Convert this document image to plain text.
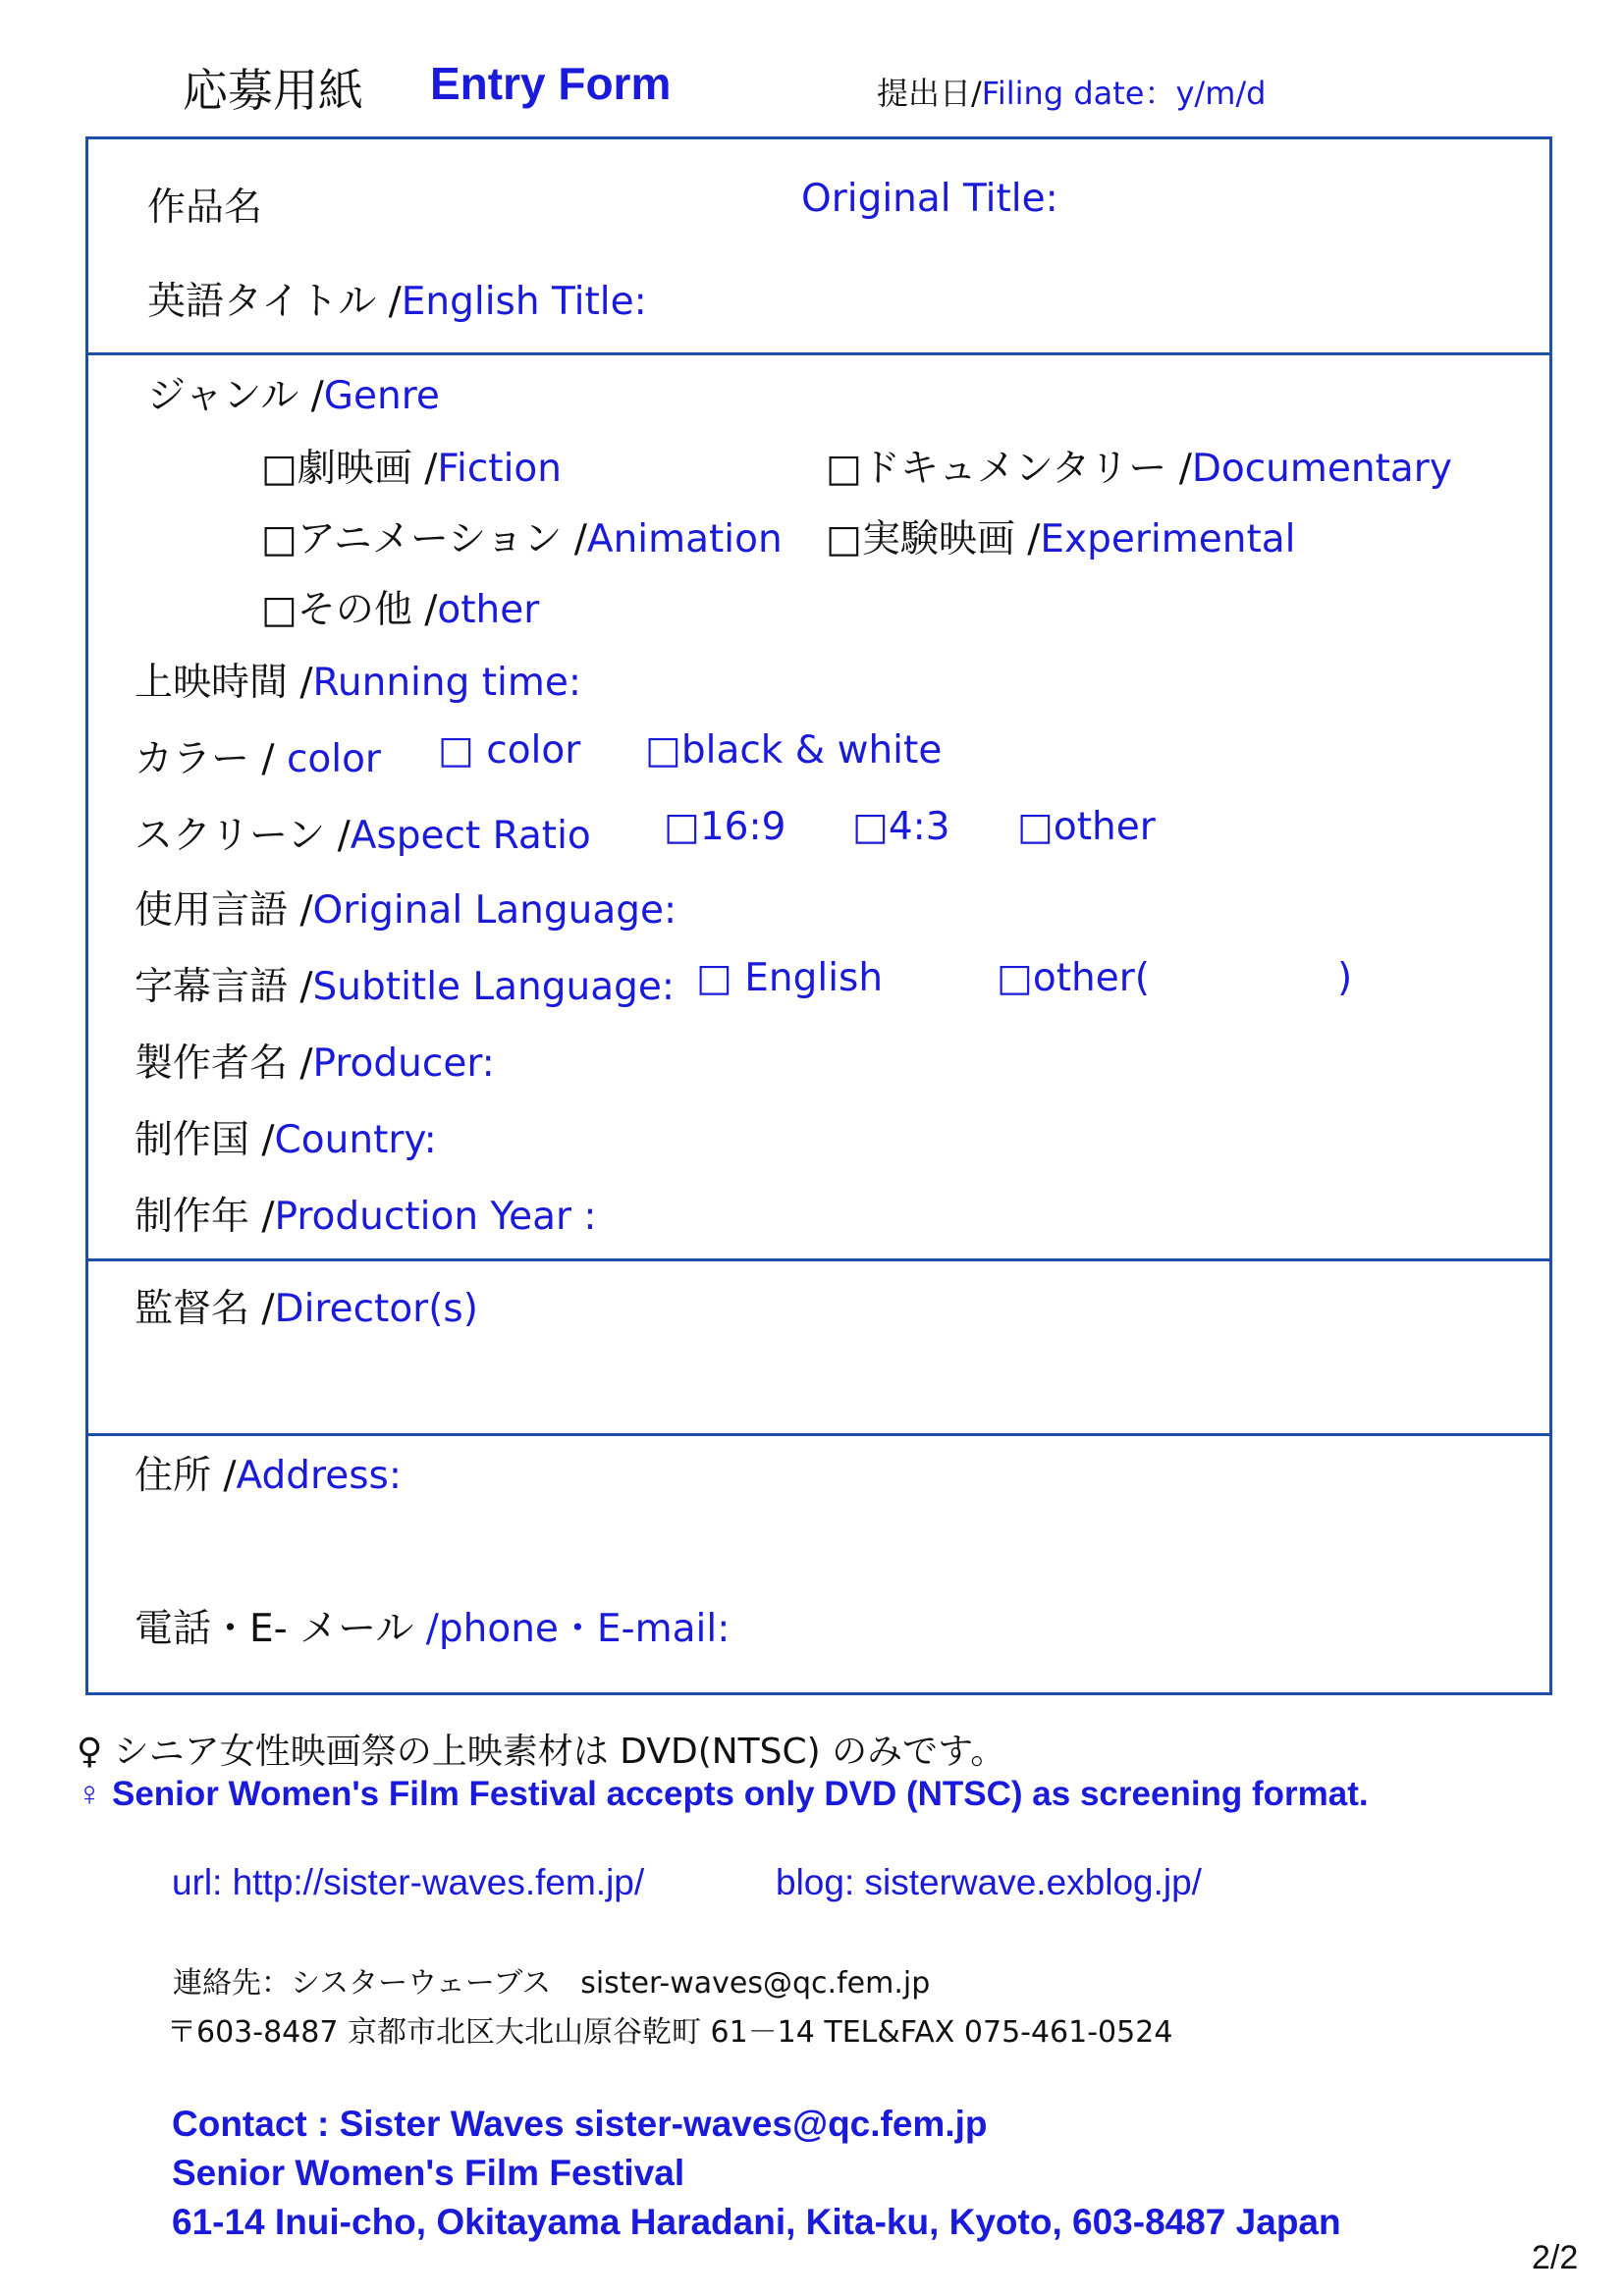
応募用紙 Entry Form	提出日/Filing date：y/m/d
作品名	Original Title:
英語タイトル /English Title:
ジャンル /Genre
□劇映画 /Fiction	□ドキュメンタリー /Documentary
□アニメーション /Animation □実験映画 /Experimental
□その他 /other
上映時間 /Running time:
カラー / color □ color □black & white
スクリーン /Aspect Ratio □16:9 □4:3 □other
使用言語 /Original Language:
字幕言語 /Subtitle Language: □ English	□other(	)
製作者名 /Producer:
制作国 /Country:
制作年 /Production Year :
監督名 /Director(s)
住所 /Address:
電話・E- メール /phone・E-mail:
♀ シニア女性映画祭の上映素材は DVD(NTSC) のみです。
♀ Senior Women's Film Festival accepts only DVD (NTSC) as screening format.
url: http://sister-waves.fem.jp/	blog: sisterwave.exblog.jp/
連絡先：シスターウェーブス　sister-waves@qc.fem.jp
〒603-8487 京都市北区大北山原谷乾町 61－14 TEL&FAX 075-461-0524
Contact : Sister Waves sister-waves@qc.fem.jp
Senior Women's Film Festival
61-14 Inui-cho, Okitayama Haradani, Kita-ku, Kyoto, 603-8487 Japan
2/2
